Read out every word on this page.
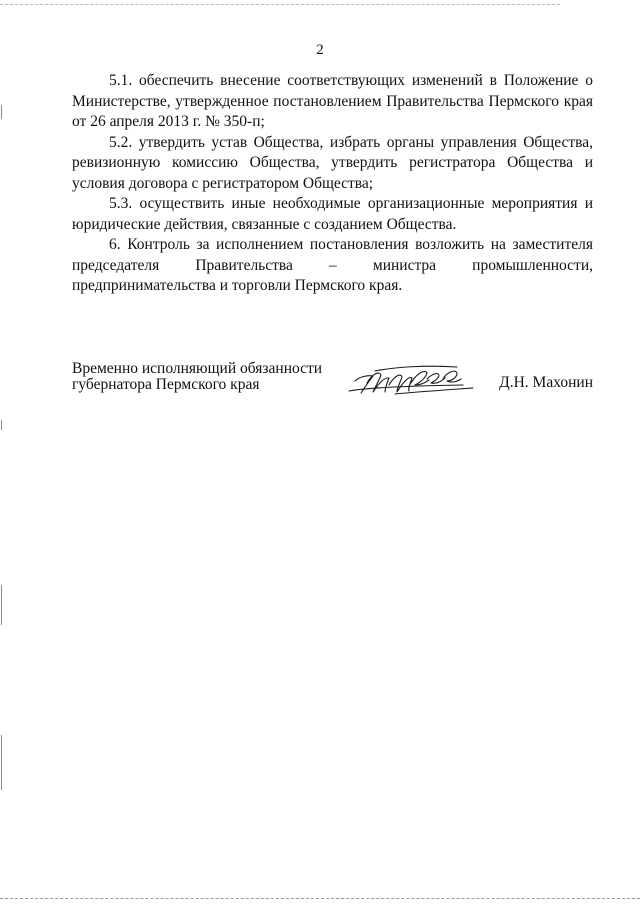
2

5.1. обеспечить внесение соответствующих изменений в Положение о Министерстве, утвержденное постановлением Правительства Пермского края от 26 апреля 2013 г. № 350-п;

5.2. утвердить устав Общества, избрать органы управления Общества, ревизионную комиссию Общества, утвердить регистратора Общества и условия договора с регистратором Общества;

5.3. осуществить иные необходимые организационные мероприятия и юридические действия, связанные с созданием Общества.

6. Контроль за исполнением постановления возложить на заместителя председателя Правительства – министра промышленности,

предпринимательства и торговли Пермского края.

Временно исполняющий обязанности
губернатора Пермского края	Д.Н. Махонин
